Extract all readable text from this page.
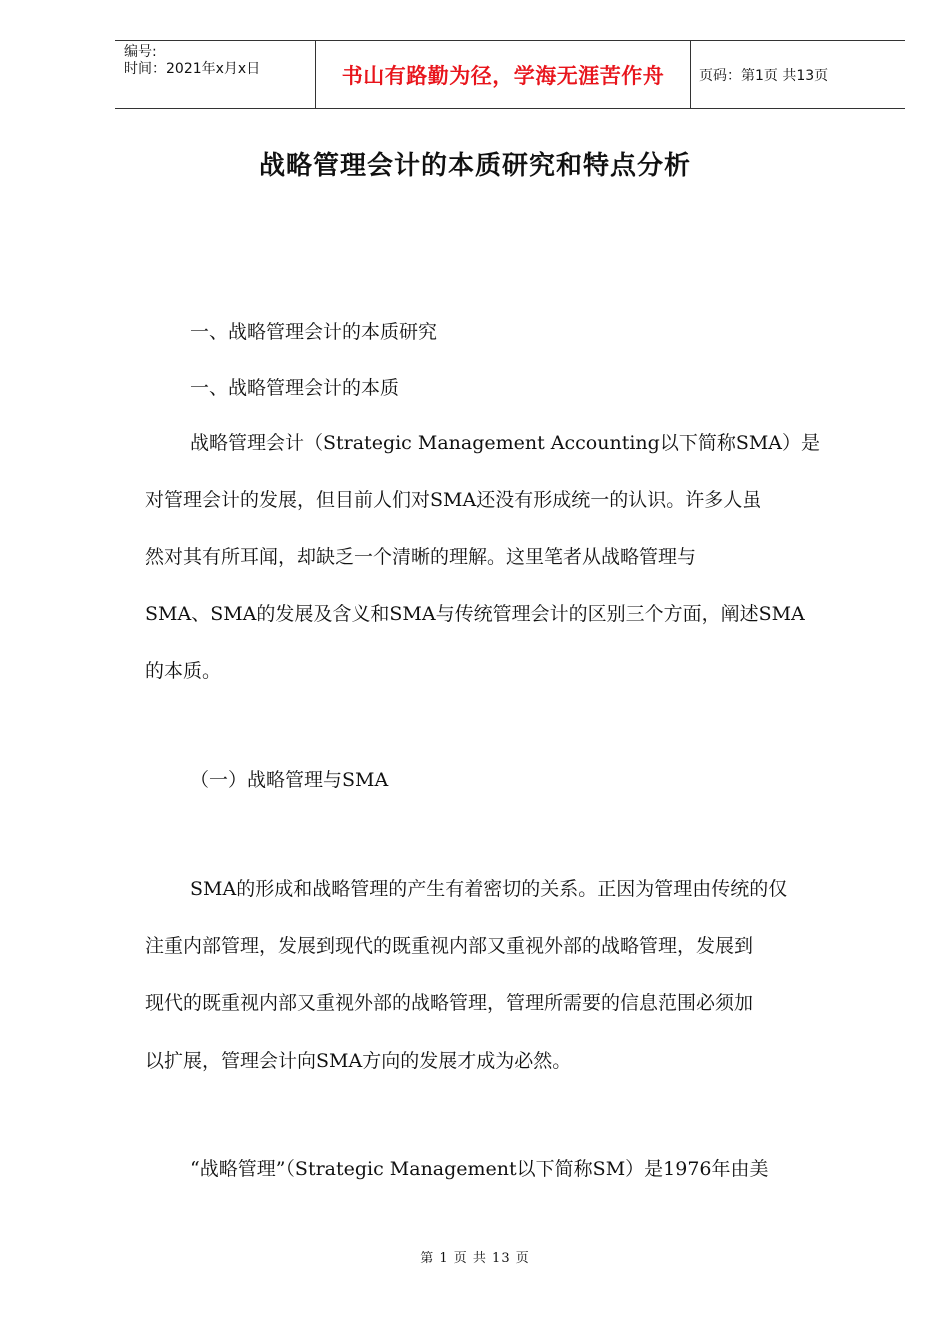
编号:
时间：2021年x月x日	书山有路勤为径，学海无涯苦作舟 页码：第1页 共13页
战略管理会计的本质研究和特点分析
一、战略管理会计的本质研究
一、战略管理会计的本质
战略管理会计（Strategic Management Accounting以下简称SMA）是
对管理会计的发展，但目前人们对SMA还没有形成统一的认识。许多人虽
然对其有所耳闻，却缺乏一个清晰的理解。这里笔者从战略管理与
SMA、SMA的发展及含义和SMA与传统管理会计的区别三个方面，阐述SMA
的本质。
（一）战略管理与SMA
SMA的形成和战略管理的产生有着密切的关系。正因为管理由传统的仅
注重内部管理，发展到现代的既重视内部又重视外部的战略管理，发展到
现代的既重视内部又重视外部的战略管理，管理所需要的信息范围必须加
以扩展，管理会计向SMA方向的发展才成为必然。
“战略管理”（Strategic Management以下简称SM）是1976年由美
第 1 页 共 13 页
